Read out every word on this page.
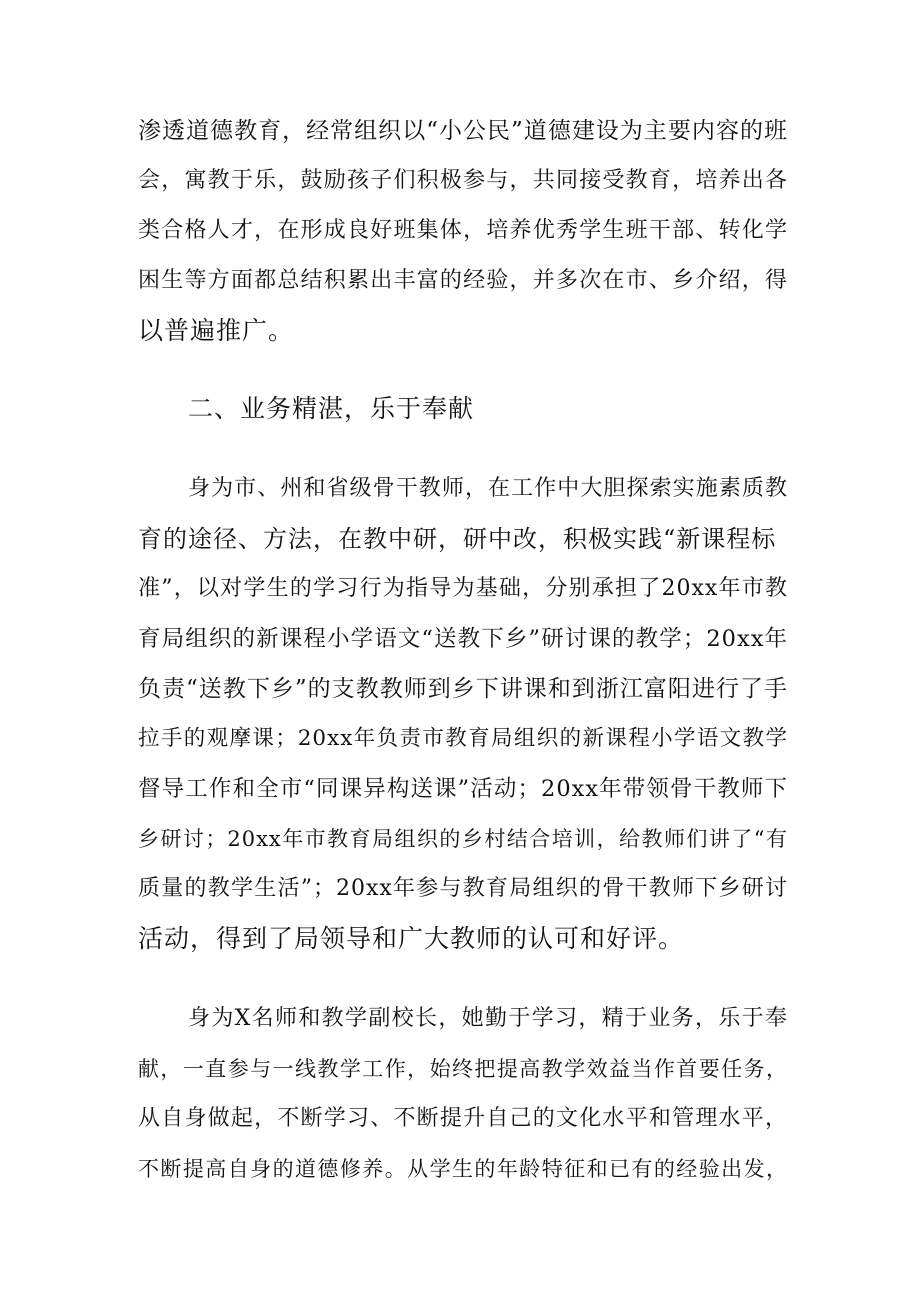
渗透道德教育，经常组织以“小公民”道德建设为主要内容的班
会，寓教于乐，鼓励孩子们积极参与，共同接受教育，培养出各
类合格人才，在形成良好班集体，培养优秀学生班干部、转化学
困生等方面都总结积累出丰富的经验，并多次在市、乡介绍，得
以普遍推广。
二、业务精湛，乐于奉献
身为市、州和省级骨干教师，在工作中大胆探索实施素质教
育的途径、方法，在教中研，研中改，积极实践“新课程标
准”，以对学生的学习行为指导为基础，分别承担了20xx年市教
育局组织的新课程小学语文“送教下乡”研讨课的教学；20xx年
负责“送教下乡”的支教教师到乡下讲课和到浙江富阳进行了手
拉手的观摩课；20xx年负责市教育局组织的新课程小学语文教学
督导工作和全市“同课异构送课”活动；20xx年带领骨干教师下
乡研讨；20xx年市教育局组织的乡村结合培训，给教师们讲了“有
质量的教学生活”；20xx年参与教育局组织的骨干教师下乡研讨
活动，得到了局领导和广大教师的认可和好评。
身为X名师和教学副校长，她勤于学习，精于业务，乐于奉
献，一直参与一线教学工作，始终把提高教学效益当作首要任务，
从自身做起，不断学习、不断提升自己的文化水平和管理水平，
不断提高自身的道德修养。从学生的年龄特征和已有的经验出发，
